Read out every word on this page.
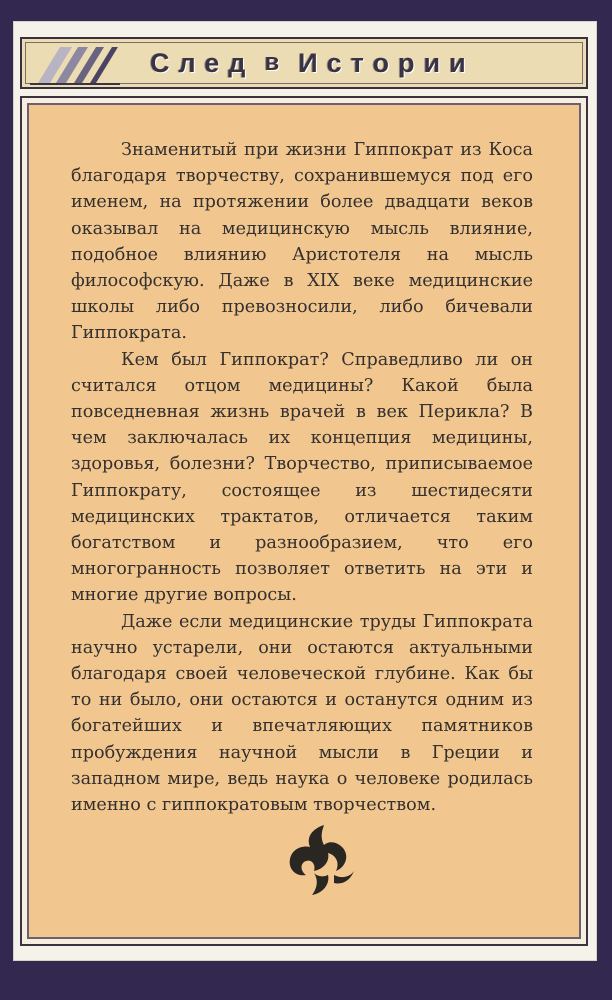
След в Истории

Знаменитый при жизни Гиппократ из Коса благодаря творчеству, сохранившемуся под его именем, на протяжении более двадцати веков оказывал на медицинскую мысль влияние, подобное влиянию Аристотеля на мысль философскую. Даже в XIX веке медицинские школы либо превозносили, либо бичевали Гиппократа.

Кем был Гиппократ? Справедливо ли он считался отцом медицины? Какой была повседневная жизнь врачей в век Перикла? В чем заключалась их концепция медицины, здоровья, болезни? Творчество, приписываемое Гиппократу, состоящее из шестидесяти медицинских трактатов, отличается таким богатством и разнообразием, что его многогранность позволяет ответить на эти и многие другие вопросы.

Даже если медицинские труды Гиппократа научно устарели, они остаются актуальными благодаря своей человеческой глубине. Как бы то ни было, они остаются и останутся одним из богатейших и впечатляющих памятников пробуждения научной мысли в Греции и западном мире, ведь наука о человеке родилась именно с гиппократовым творчеством.
